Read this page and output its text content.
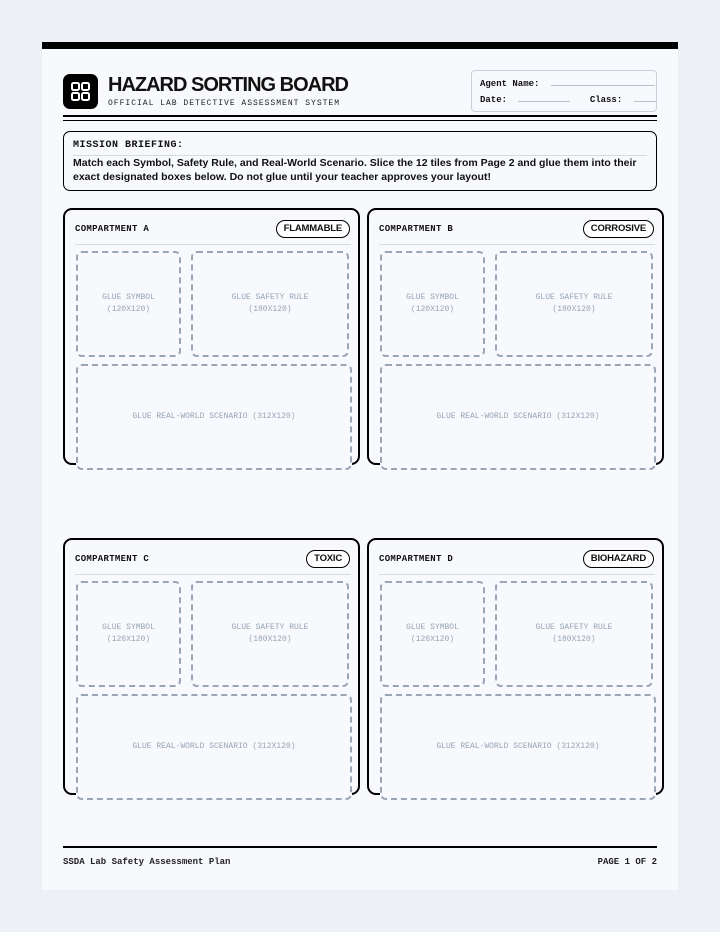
HAZARD SORTING BOARD
OFFICIAL LAB DETECTIVE ASSESSMENT SYSTEM
Agent Name:
Date:	Class:
MISSION BRIEFING:
Match each Symbol, Safety Rule, and Real-World Scenario. Slice the 12 tiles from Page 2 and glue them into their exact designated boxes below. Do not glue until your teacher approves your layout!
COMPARTMENT A	FLAMMABLE
GLUE SYMBOL
(120X120)
GLUE SAFETY RULE
(180X120)
GLUE REAL-WORLD SCENARIO (312X120)
COMPARTMENT B	CORROSIVE
GLUE SYMBOL
(120X120)
GLUE SAFETY RULE
(180X120)
GLUE REAL-WORLD SCENARIO (312X120)
COMPARTMENT C	TOXIC
GLUE SYMBOL
(120X120)
GLUE SAFETY RULE
(180X120)
GLUE REAL-WORLD SCENARIO (312X120)
COMPARTMENT D	BIOHAZARD
GLUE SYMBOL
(120X120)
GLUE SAFETY RULE
(180X120)
GLUE REAL-WORLD SCENARIO (312X120)
SSDA Lab Safety Assessment Plan	PAGE 1 OF 2
